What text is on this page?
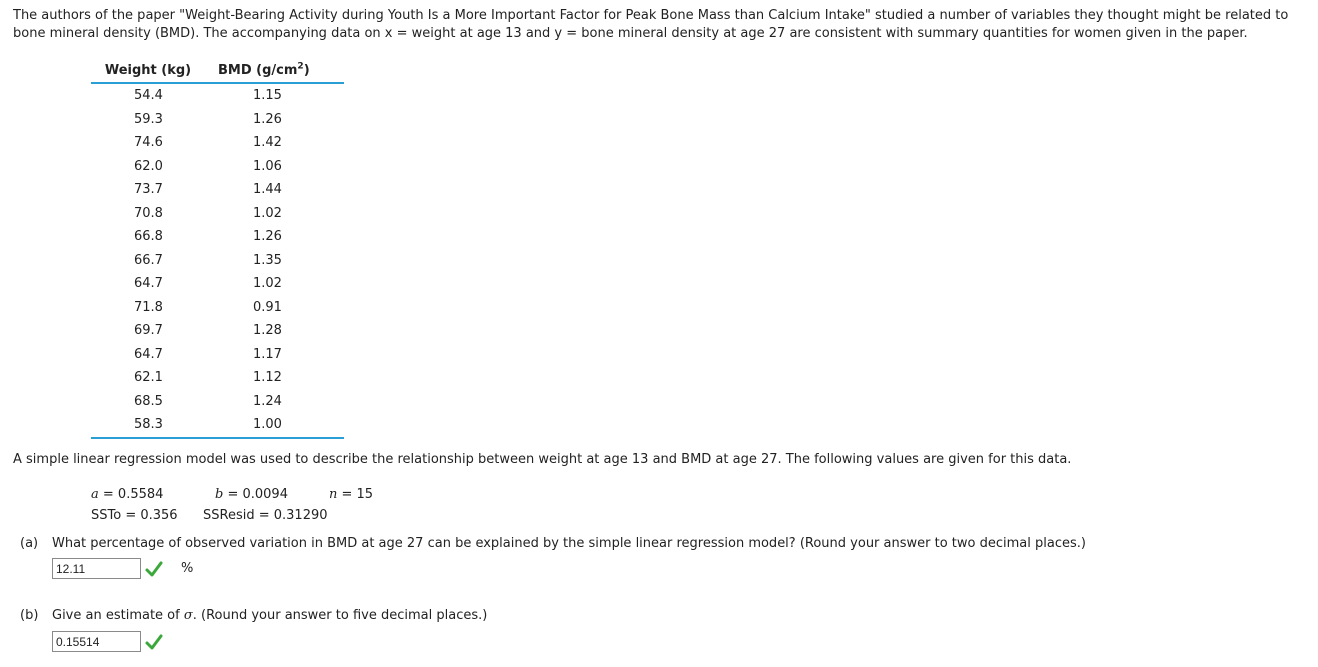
The authors of the paper "Weight-Bearing Activity during Youth Is a More Important Factor for Peak Bone Mass than Calcium Intake" studied a number of variables they thought might be related to bone mineral density (BMD). The accompanying data on x = weight at age 13 and y = bone mineral density at age 27 are consistent with summary quantities for women given in the paper.
Weight (kg)	BMD $(g/cm^2)$
54.4	1.15
59.3	1.26
74.6	1.42
62.0	1.06
73.7	1.44
70.8	1.02
66.8	1.26
66.7	1.35
64.7	1.02
71.8	0.91
69.7	1.28
64.7	1.17
62.1	1.12
68.5	1.24
58.3	1.00
A simple linear regression model was used to describe the relationship between weight at age 13 and BMD at age 27. The following values are given for this data.
a = 0.5584	b = 0.0094	n = 15
SSTo = 0.356 SSResid = 0.31290
(a) What percentage of observed variation in BMD at age 27 can be explained by the simple linear regression model? (Round your answer to two decimal places.)
12.11
%
(b) Give an estimate of σ. (Round your answer to five decimal places.)
0.15514
